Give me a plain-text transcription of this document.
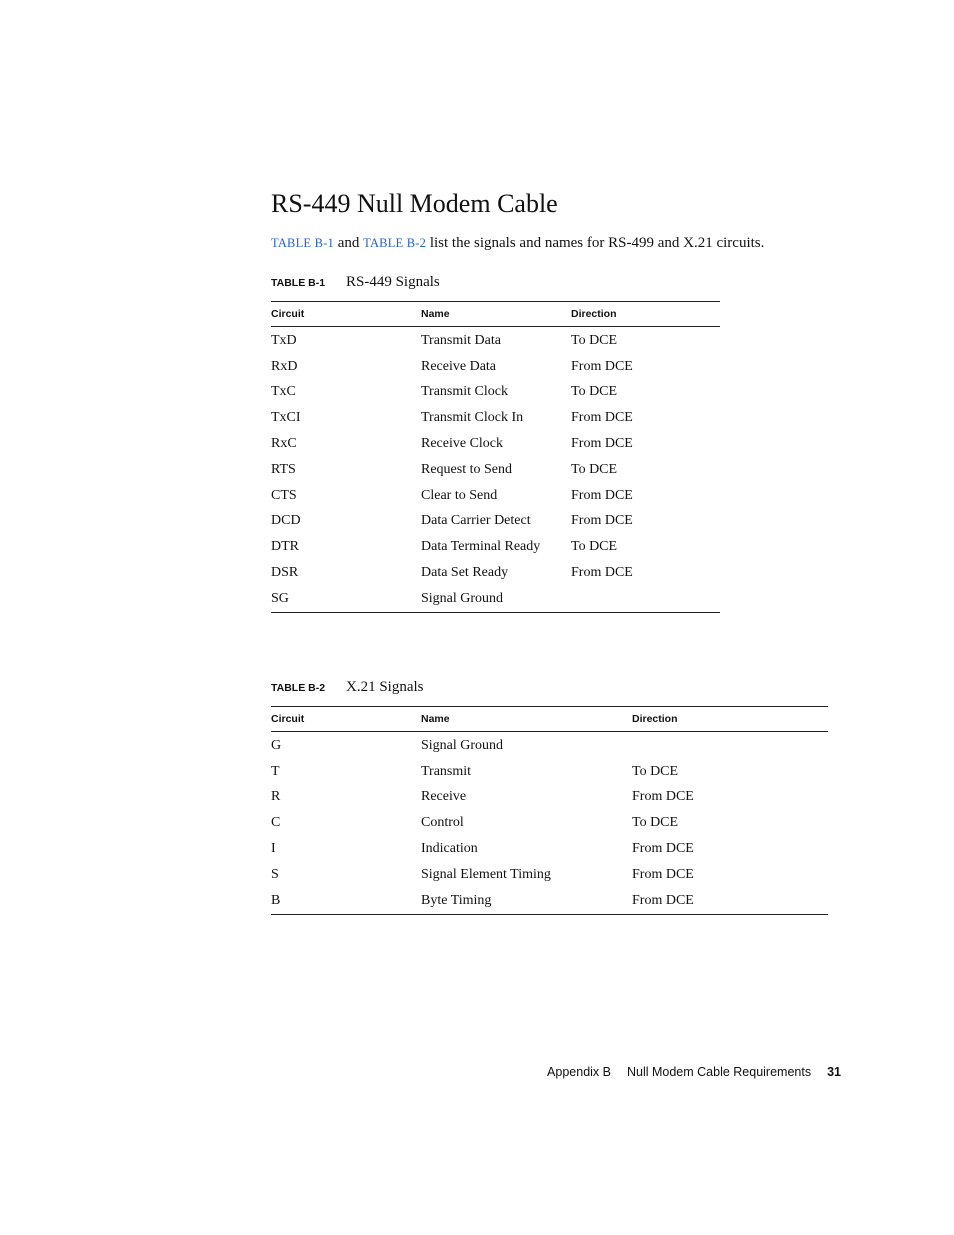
RS-449 Null Modem Cable

TABLE B-1 and TABLE B-2 list the signals and names for RS-499 and X.21 circuits.

TABLE B-1 RS-449 Signals

Circuit	Name	Direction
TxD	Transmit Data	To DCE
RxD	Receive Data	From DCE
TxC	Transmit Clock	To DCE
TxCI	Transmit Clock In	From DCE
RxC	Receive Clock	From DCE
RTS	Request to Send	To DCE
CTS	Clear to Send	From DCE
DCD	Data Carrier Detect	From DCE
DTR	Data Terminal Ready	To DCE
DSR	Data Set Ready	From DCE
SG	Signal Ground	

TABLE B-2 X.21 Signals

Circuit	Name	Direction
G	Signal Ground	
T	Transmit	To DCE
R	Receive	From DCE
C	Control	To DCE
I	Indication	From DCE
S	Signal Element Timing	From DCE
B	Byte Timing	From DCE
Appendix B Null Modem Cable Requirements 31
